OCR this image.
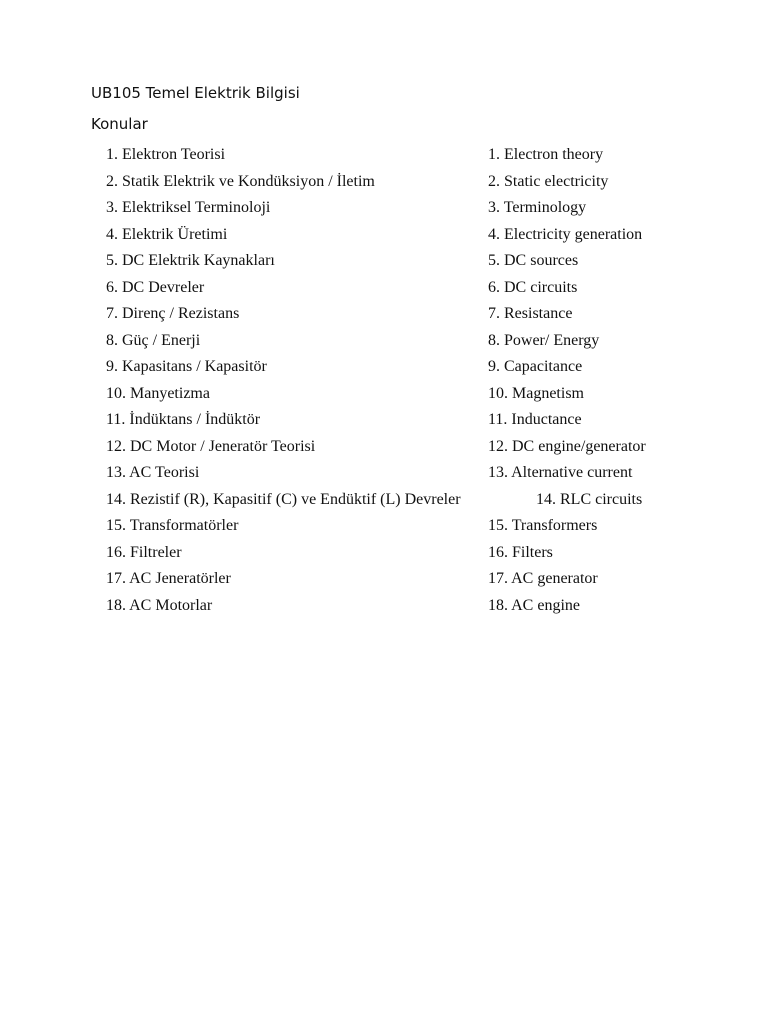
UB105 Temel Elektrik Bilgisi
Konular
1. Elektron Teorisi	1. Electron theory
2. Statik Elektrik ve Kondüksiyon / İletim	2. Static electricity
3. Elektriksel Terminoloji	3. Terminology
4. Elektrik Üretimi	4. Electricity generation
5. DC Elektrik Kaynakları	5. DC sources
6. DC Devreler	6. DC circuits
7. Direnç / Rezistans	7. Resistance
8. Güç / Enerji	8. Power/ Energy
9. Kapasitans / Kapasitör	9. Capacitance
10. Manyetizma	10. Magnetism
11. İndüktans / İndüktör	11. Inductance
12. DC Motor / Jeneratör Teorisi	12. DC engine/generator
13. AC Teorisi	13. Alternative current
14. Rezistif (R), Kapasitif (C) ve Endüktif (L) Devreler	14. RLC circuits
15. Transformatörler	15. Transformers
16. Filtreler	16. Filters
17. AC Jeneratörler	17. AC generator
18. AC Motorlar	18. AC engine
